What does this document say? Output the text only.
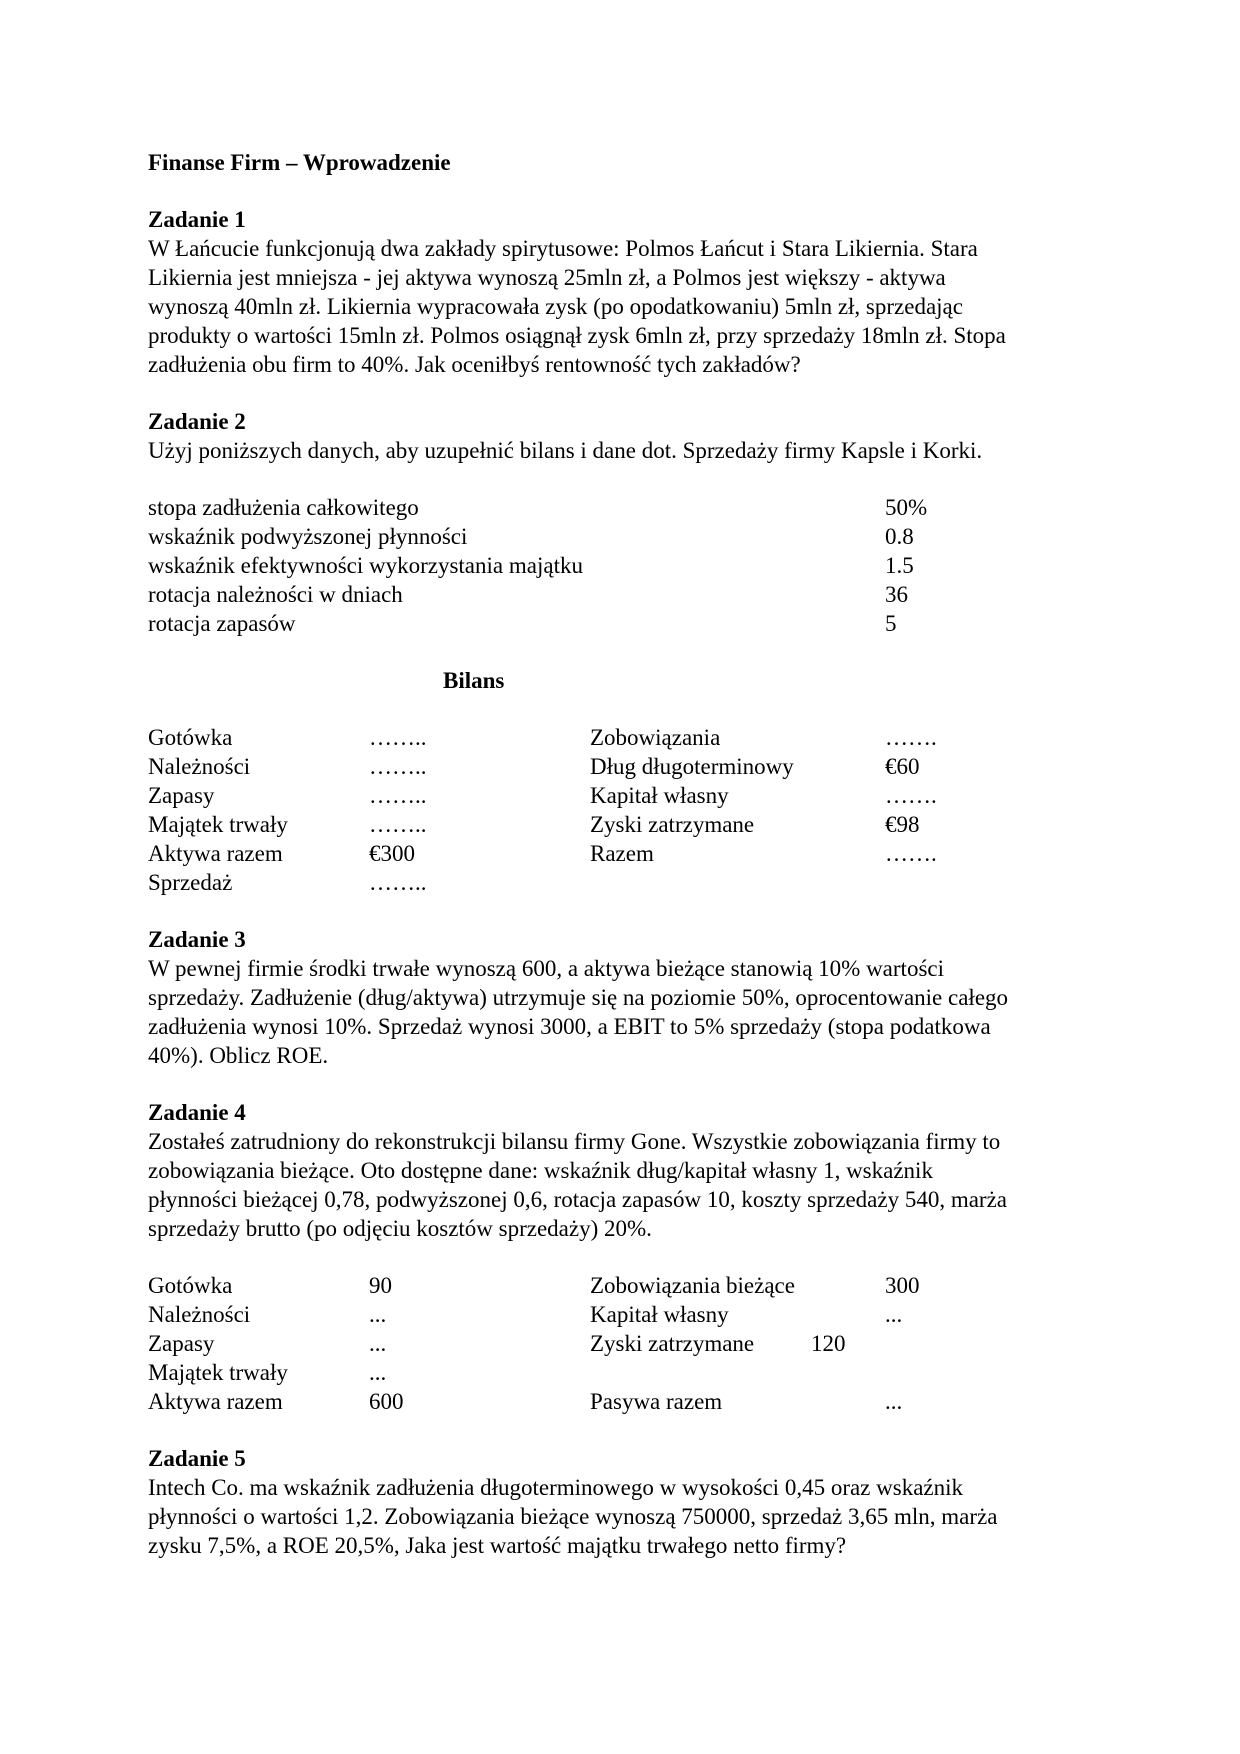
Finanse Firm – Wprowadzenie
Zadanie 1
W Łańcucie funkcjonują dwa zakłady spirytusowe: Polmos Łańcut i Stara Likiernia. Stara
Likiernia jest mniejsza - jej aktywa wynoszą 25mln zł, a Polmos jest większy - aktywa
wynoszą 40mln zł. Likiernia wypracowała zysk (po opodatkowaniu) 5mln zł, sprzedając
produkty o wartości 15mln zł. Polmos osiągnął zysk 6mln zł, przy sprzedaży 18mln zł. Stopa
zadłużenia obu firm to 40%. Jak oceniłbyś rentowność tych zakładów?
Zadanie 2
Użyj poniższych danych, aby uzupełnić bilans i dane dot. Sprzedaży firmy Kapsle i Korki.
stopa zadłużenia całkowitego	50%
wskaźnik podwyższonej płynności	0.8
wskaźnik efektywności wykorzystania majątku	1.5
rotacja należności w dniach	36
rotacja zapasów	5
Bilans
Gotówka	……..	Zobowiązania	…….
Należności	……..	Dług długoterminowy	€60
Zapasy	……..	Kapitał własny	…….
Majątek trwały	……..	Zyski zatrzymane	€98
Aktywa razem	€300	Razem	…….
Sprzedaż	……..
Zadanie 3
W pewnej firmie środki trwałe wynoszą 600, a aktywa bieżące stanowią 10% wartości
sprzedaży. Zadłużenie (dług/aktywa) utrzymuje się na poziomie 50%, oprocentowanie całego
zadłużenia wynosi 10%. Sprzedaż wynosi 3000, a EBIT to 5% sprzedaży (stopa podatkowa
40%). Oblicz ROE.
Zadanie 4
Zostałeś zatrudniony do rekonstrukcji bilansu firmy Gone. Wszystkie zobowiązania firmy to
zobowiązania bieżące. Oto dostępne dane: wskaźnik dług/kapitał własny 1, wskaźnik
płynności bieżącej 0,78, podwyższonej 0,6, rotacja zapasów 10, koszty sprzedaży 540, marża
sprzedaży brutto (po odjęciu kosztów sprzedaży) 20%.
Gotówka	90	Zobowiązania bieżące	300
Należności	...	Kapitał własny	...
Zapasy	...	Zyski zatrzymane 120
Majątek trwały	...
Aktywa razem	600	Pasywa razem	...
Zadanie 5
Intech Co. ma wskaźnik zadłużenia długoterminowego w wysokości 0,45 oraz wskaźnik
płynności o wartości 1,2. Zobowiązania bieżące wynoszą 750000, sprzedaż 3,65 mln, marża
zysku 7,5%, a ROE 20,5%, Jaka jest wartość majątku trwałego netto firmy?
